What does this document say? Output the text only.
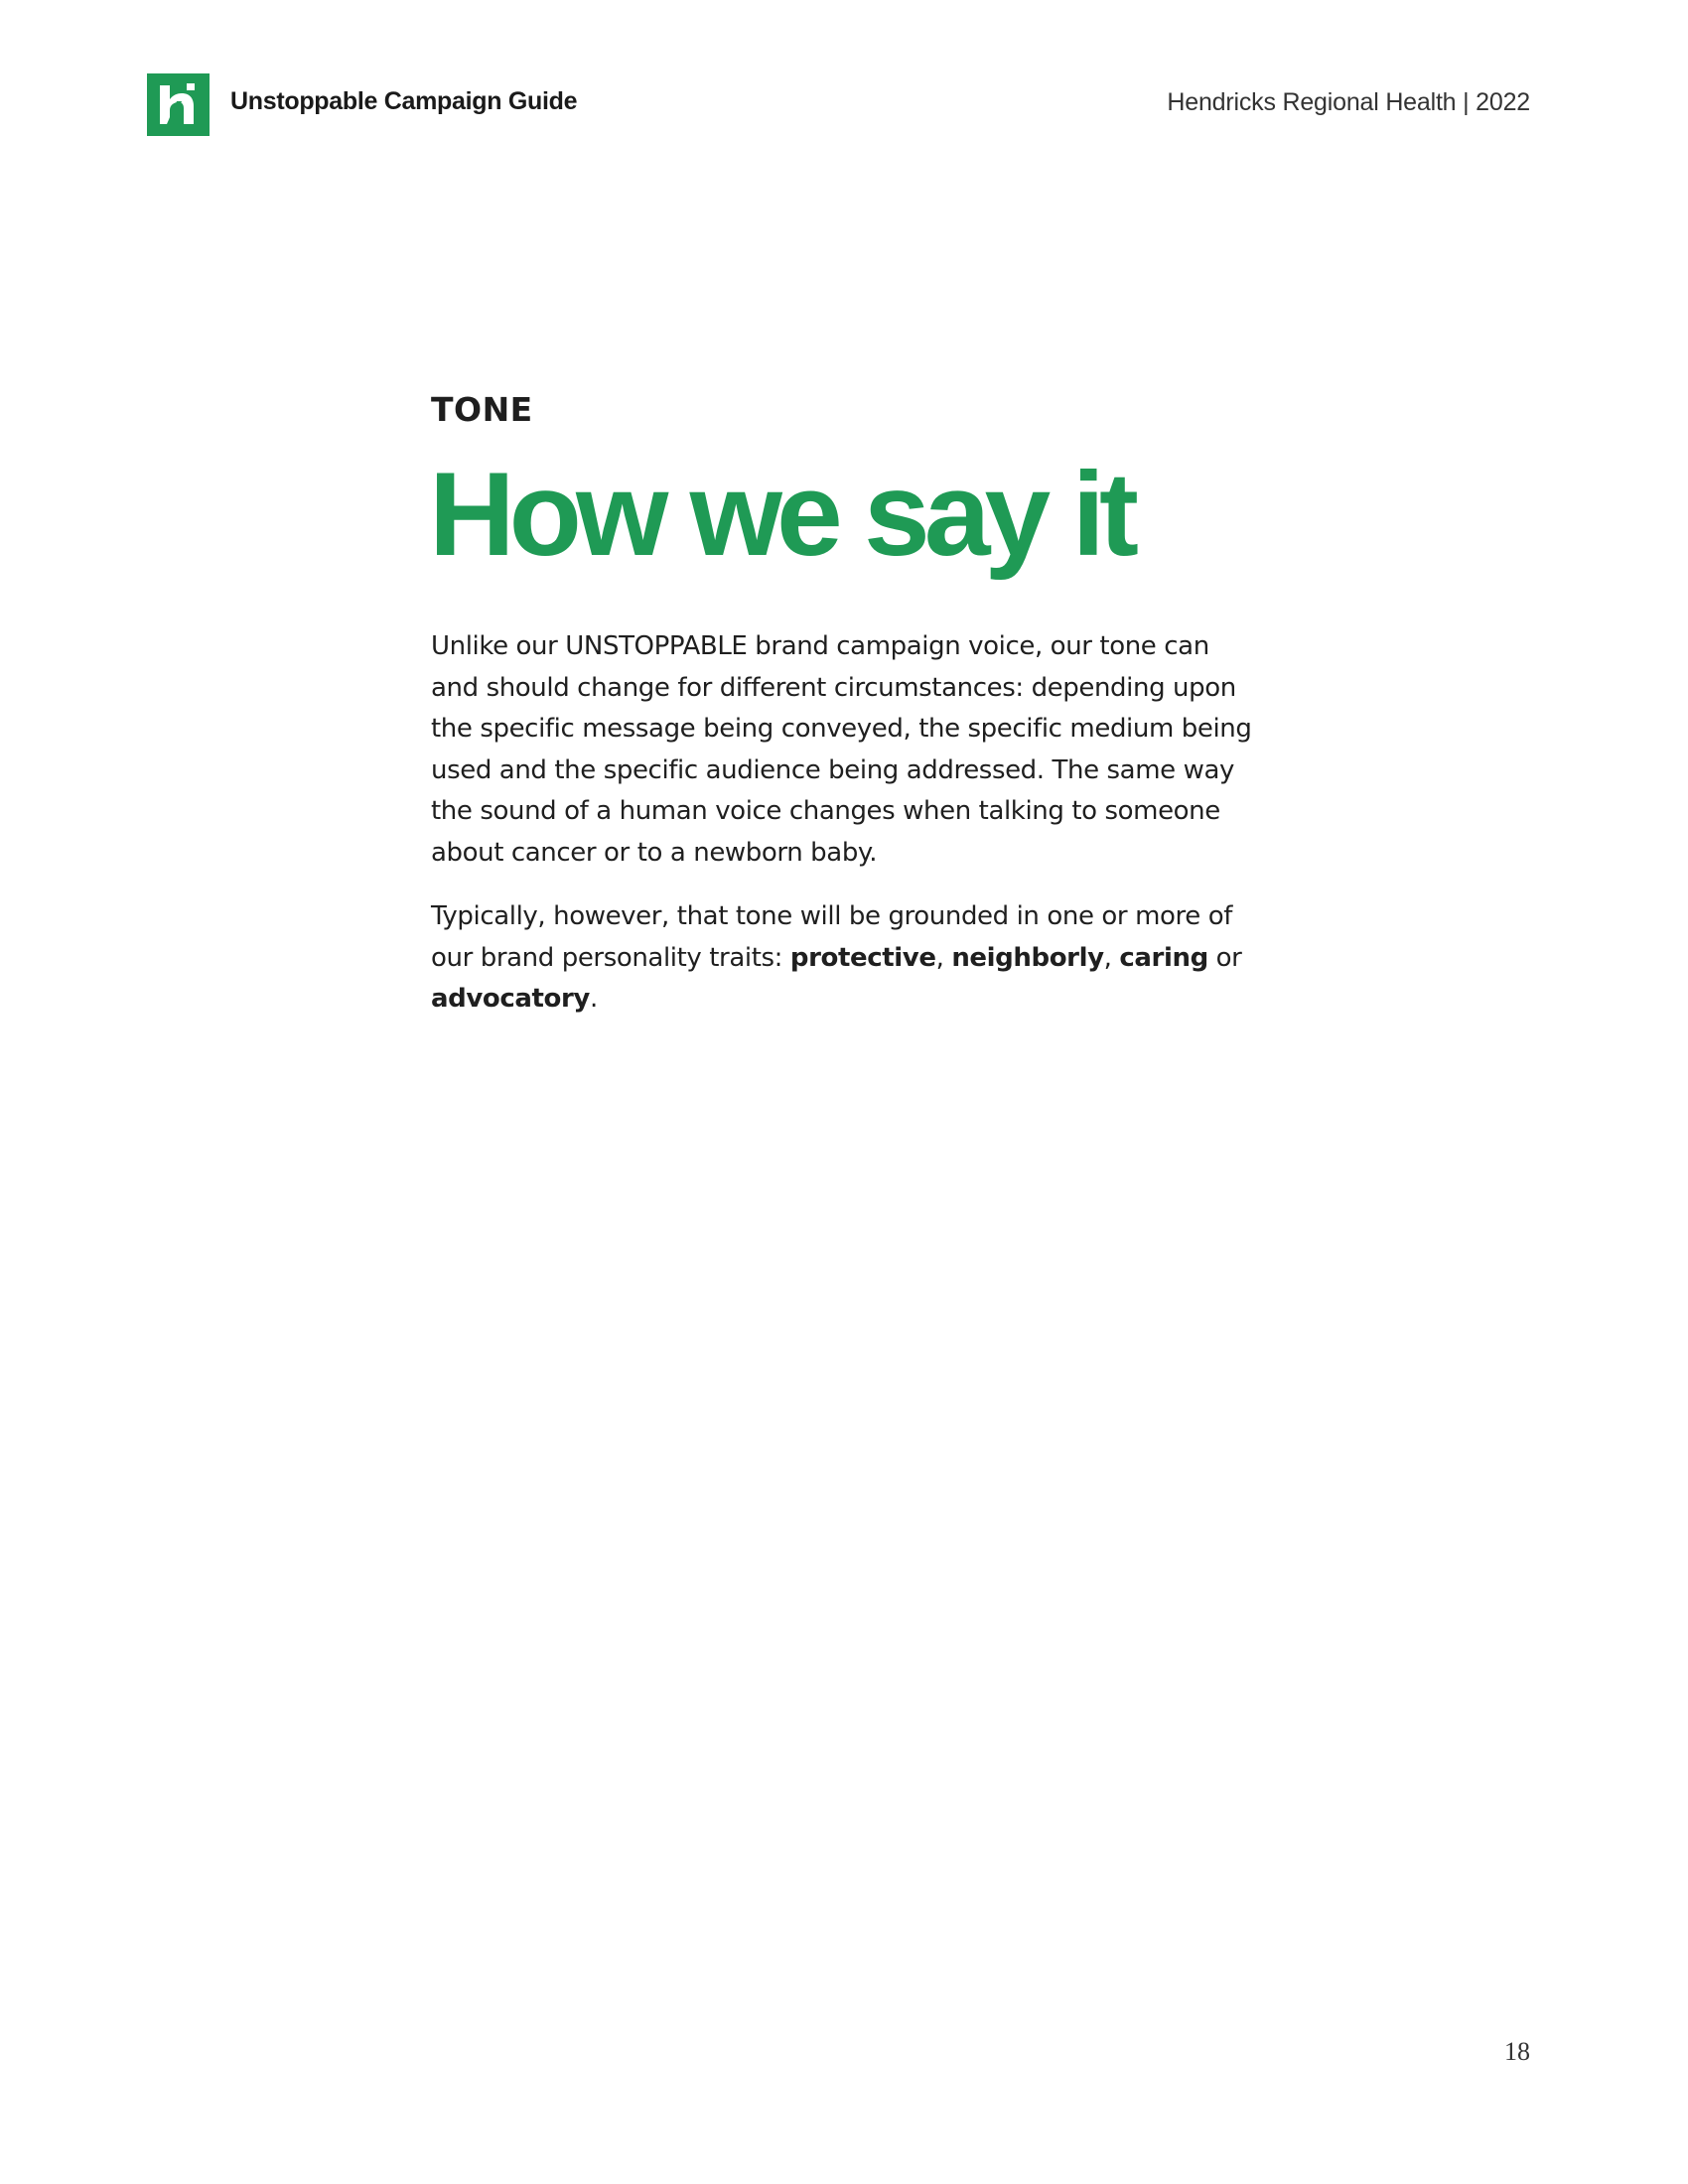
Unstoppable Campaign Guide	Hendricks Regional Health | 2022
TONE
How we say it

Unlike our UNSTOPPABLE brand campaign voice, our tone can and should change for different circumstances: depending upon the specific message being conveyed, the specific medium being used and the specific audience being addressed. The same way the sound of a human voice changes when talking to someone about cancer or to a newborn baby.

Typically, however, that tone will be grounded in one or more of our brand personality traits: protective, neighborly, caring or advocatory.

18
